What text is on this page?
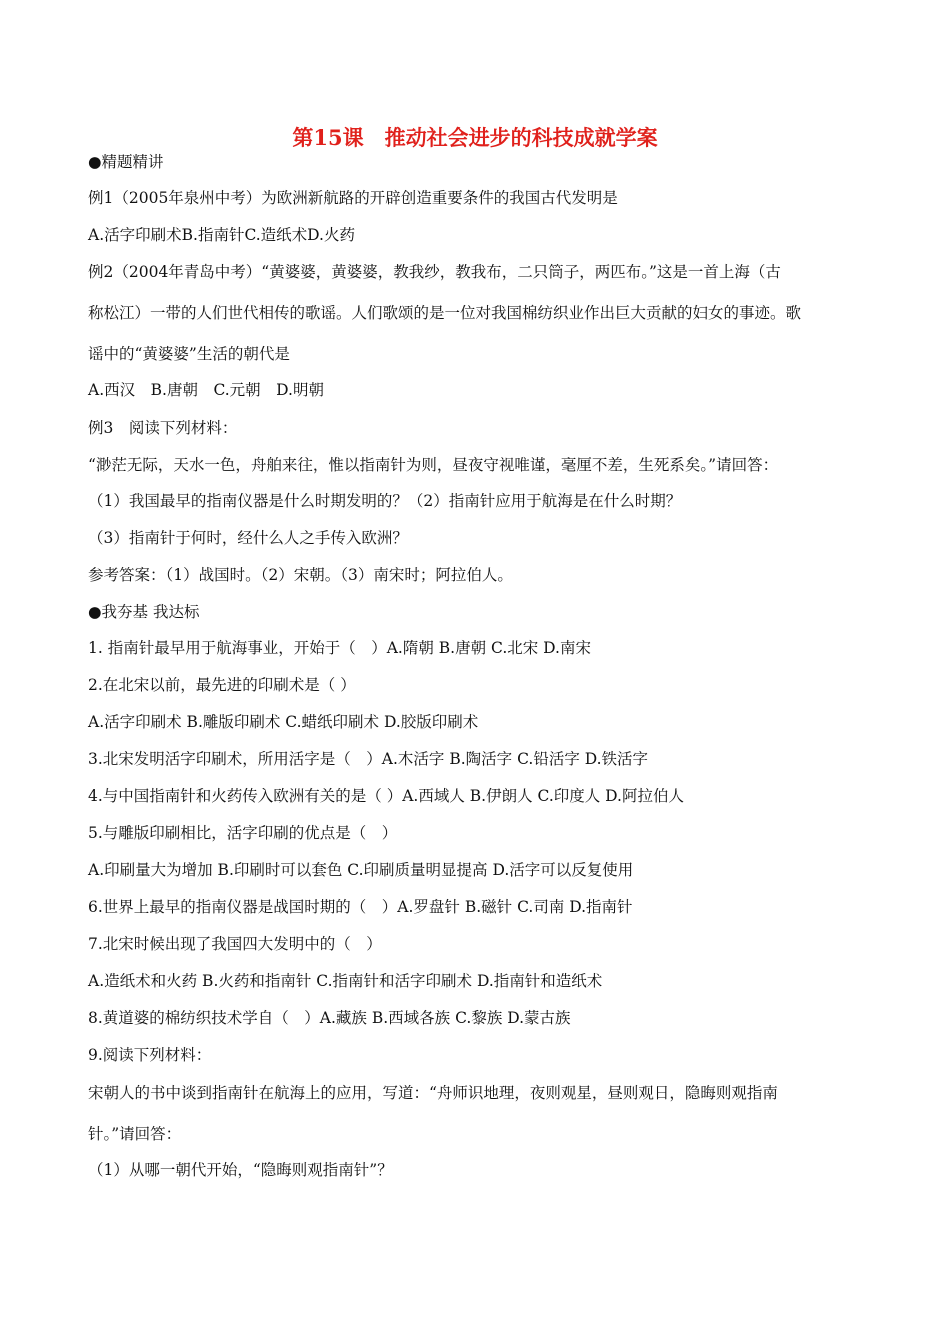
第15课　推动社会进步的科技成就学案
●精题精讲
例1（2005年泉州中考）为欧洲新航路的开辟创造重要条件的我国古代发明是
A.活字印刷术B.指南针C.造纸术D.火药
例2（2004年青岛中考）“黄婆婆，黄婆婆，教我纱，教我布，二只筒子，两匹布。”这是一首上海（古
称松江）一带的人们世代相传的歌谣。人们歌颂的是一位对我国棉纺织业作出巨大贡献的妇女的事迹。歌
谣中的“黄婆婆”生活的朝代是
A.西汉　B.唐朝　C.元朝　D.明朝
例3　阅读下列材料：
“渺茫无际，天水一色，舟舶来往，惟以指南针为则，昼夜守视唯谨，毫厘不差，生死系矣。”请回答：
（1）我国最早的指南仪器是什么时期发明的？（2）指南针应用于航海是在什么时期？
（3）指南针于何时，经什么人之手传入欧洲？
参考答案：（1）战国时。（2）宋朝。（3）南宋时；阿拉伯人。
●我夯基 我达标
1. 指南针最早用于航海事业，开始于（　）A.隋朝 B.唐朝 C.北宋 D.南宋
2.在北宋以前，最先进的印刷术是（ ）
A.活字印刷术 B.雕版印刷术 C.蜡纸印刷术 D.胶版印刷术
3.北宋发明活字印刷术，所用活字是（　）A.木活字 B.陶活字 C.铅活字 D.铁活字
4.与中国指南针和火药传入欧洲有关的是（ ）A.西域人 B.伊朗人 C.印度人 D.阿拉伯人
5.与雕版印刷相比，活字印刷的优点是（　）
A.印刷量大为增加 B.印刷时可以套色 C.印刷质量明显提高 D.活字可以反复使用
6.世界上最早的指南仪器是战国时期的（　）A.罗盘针 B.磁针 C.司南 D.指南针
7.北宋时候出现了我国四大发明中的（　）
A.造纸术和火药 B.火药和指南针 C.指南针和活字印刷术 D.指南针和造纸术
8.黄道婆的棉纺织技术学自（　）A.藏族 B.西域各族 C.黎族 D.蒙古族
9.阅读下列材料：
宋朝人的书中谈到指南针在航海上的应用，写道：“舟师识地理，夜则观星，昼则观日，隐晦则观指南
针。”请回答：
（1）从哪一朝代开始，“隐晦则观指南针”？
